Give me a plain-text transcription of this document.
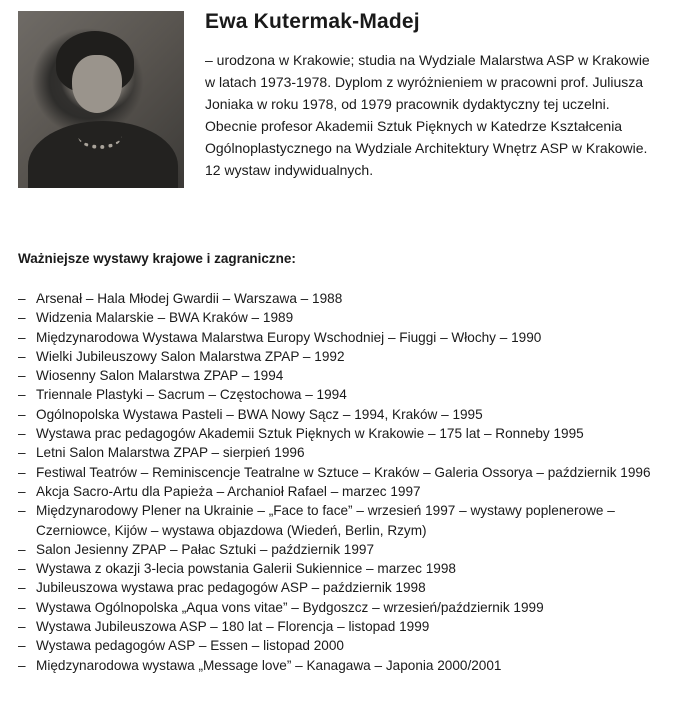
Ewa Kutermak-Madej

– urodzona w Krakowie; studia na Wydziale Malarstwa ASP w Krakowie
w latach 1973-1978. Dyplom z wyróżnieniem w pracowni prof. Juliusza
Joniaka w roku 1978, od 1979 pracownik dydaktyczny tej uczelni.
Obecnie profesor Akademii Sztuk Pięknych w Katedrze Kształcenia
Ogólnoplastycznego na Wydziale Architektury Wnętrz ASP w Krakowie.
12 wystaw indywidualnych.

Ważniejsze wystawy krajowe i zagraniczne:
– Arsenał – Hala Młodej Gwardii – Warszawa – 1988
– Widzenia Malarskie – BWA Kraków – 1989
– Międzynarodowa Wystawa Malarstwa Europy Wschodniej – Fiuggi – Włochy – 1990
– Wielki Jubileuszowy Salon Malarstwa ZPAP – 1992
– Wiosenny Salon Malarstwa ZPAP – 1994
– Triennale Plastyki – Sacrum – Częstochowa – 1994
– Ogólnopolska Wystawa Pasteli – BWA Nowy Sącz – 1994, Kraków – 1995
– Wystawa prac pedagogów Akademii Sztuk Pięknych w Krakowie – 175 lat – Ronneby 1995
– Letni Salon Malarstwa ZPAP – sierpień 1996
– Festiwal Teatrów – Reminiscencje Teatralne w Sztuce – Kraków – Galeria Ossorya – październik 1996
– Akcja Sacro-Artu dla Papieża – Archanioł Rafael – marzec 1997
– Międzynarodowy Plener na Ukrainie – „Face to face” – wrzesień 1997 – wystawy poplenerowe –
Czerniowce, Kijów – wystawa objazdowa (Wiedeń, Berlin, Rzym)
– Salon Jesienny ZPAP – Pałac Sztuki – październik 1997
– Wystawa z okazji 3-lecia powstania Galerii Sukiennice – marzec 1998
– Jubileuszowa wystawa prac pedagogów ASP – październik 1998
– Wystawa Ogólnopolska „Aqua vons vitae” – Bydgoszcz – wrzesień/październik 1999
– Wystawa Jubileuszowa ASP – 180 lat – Florencja – listopad 1999
– Wystawa pedagogów ASP – Essen – listopad 2000
– Międzynarodowa wystawa „Message love” – Kanagawa – Japonia 2000/2001
